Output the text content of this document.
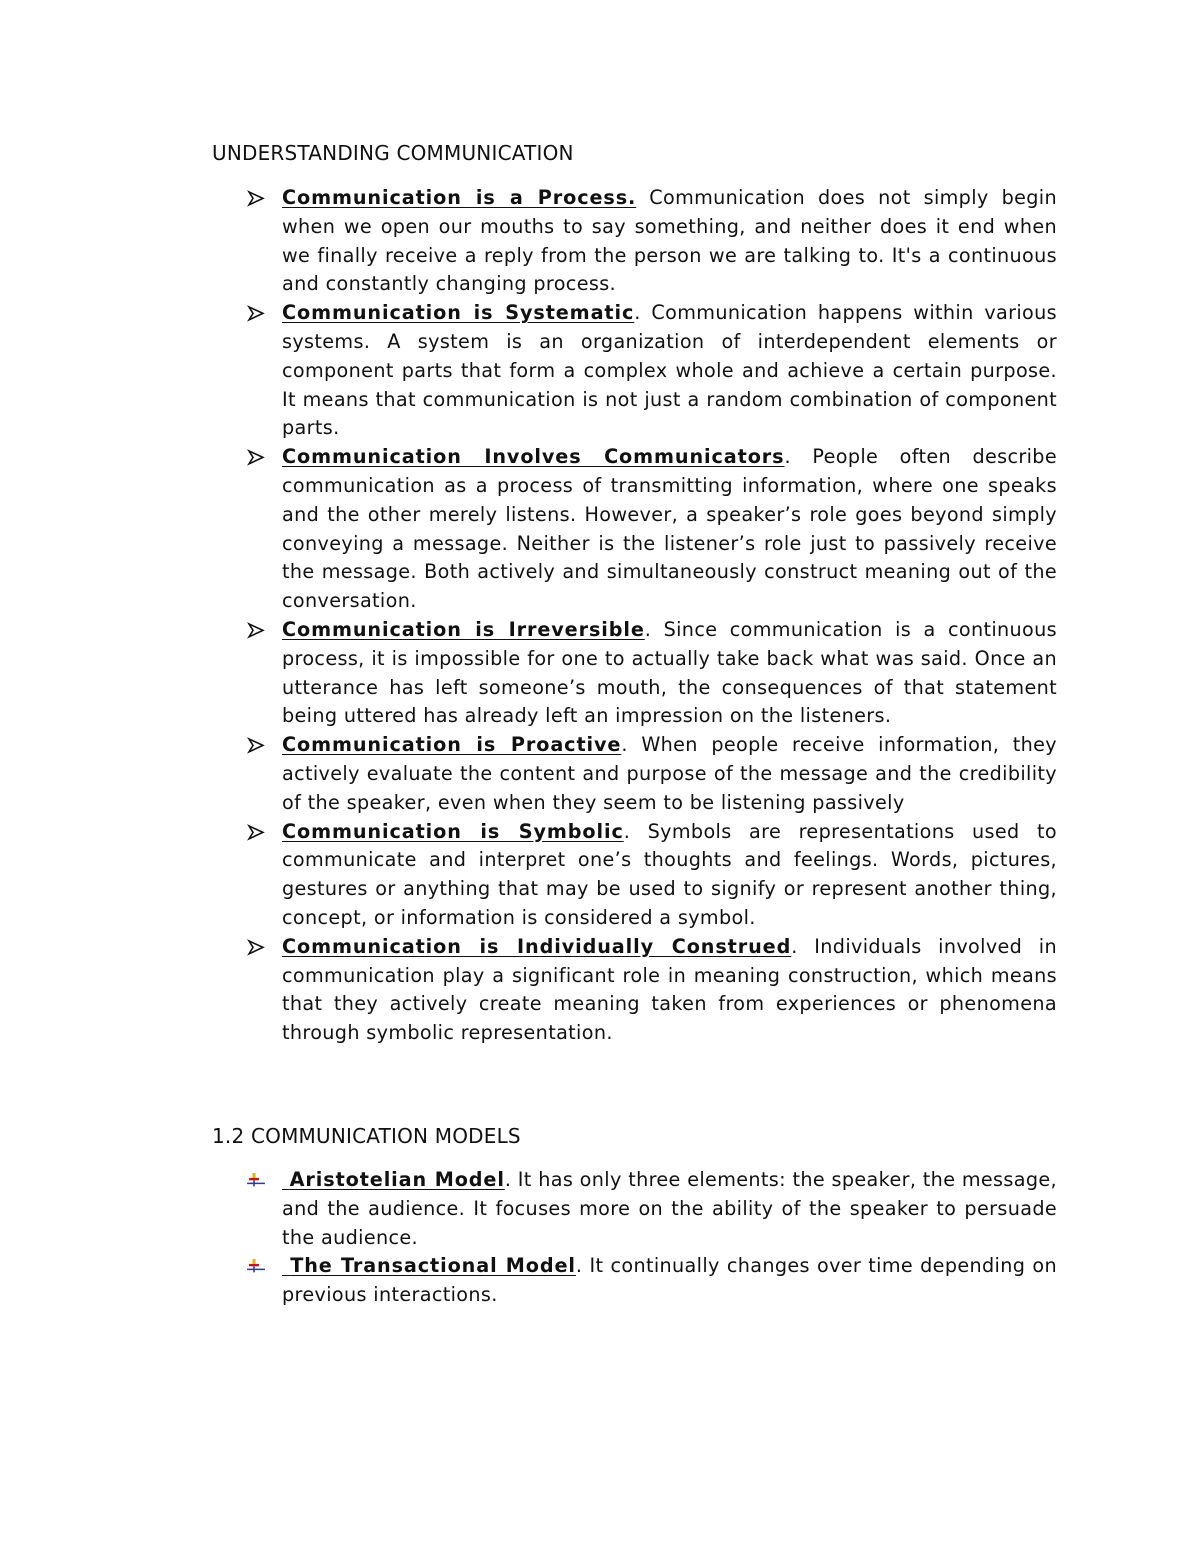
UNDERSTANDING COMMUNICATION
Communication is a Process. Communication does not simply begin when we open our mouths to say something, and neither does it end when we finally receive a reply from the person we are talking to. It's a continuous and constantly changing process.
Communication is Systematic. Communication happens within various systems. A system is an organization of interdependent elements or component parts that form a complex whole and achieve a certain purpose. It means that communication is not just a random combination of component parts.
Communication Involves Communicators. People often describe communication as a process of transmitting information, where one speaks and the other merely listens. However, a speaker’s role goes beyond simply conveying a message. Neither is the listener’s role just to passively receive the message. Both actively and simultaneously construct meaning out of the conversation.
Communication is Irreversible. Since communication is a continuous process, it is impossible for one to actually take back what was said. Once an utterance has left someone’s mouth, the consequences of that statement being uttered has already left an impression on the listeners.
Communication is Proactive. When people receive information, they actively evaluate the content and purpose of the message and the credibility of the speaker, even when they seem to be listening passively
Communication is Symbolic. Symbols are representations used to communicate and interpret one’s thoughts and feelings. Words, pictures, gestures or anything that may be used to signify or represent another thing, concept, or information is considered a symbol.
Communication is Individually Construed. Individuals involved in communication play a significant role in meaning construction, which means that they actively create meaning taken from experiences or phenomena through symbolic representation.
1.2 COMMUNICATION MODELS
Aristotelian Model. It has only three elements: the speaker, the message, and the audience. It focuses more on the ability of the speaker to persuade the audience.
The Transactional Model. It continually changes over time depending on previous interactions.
